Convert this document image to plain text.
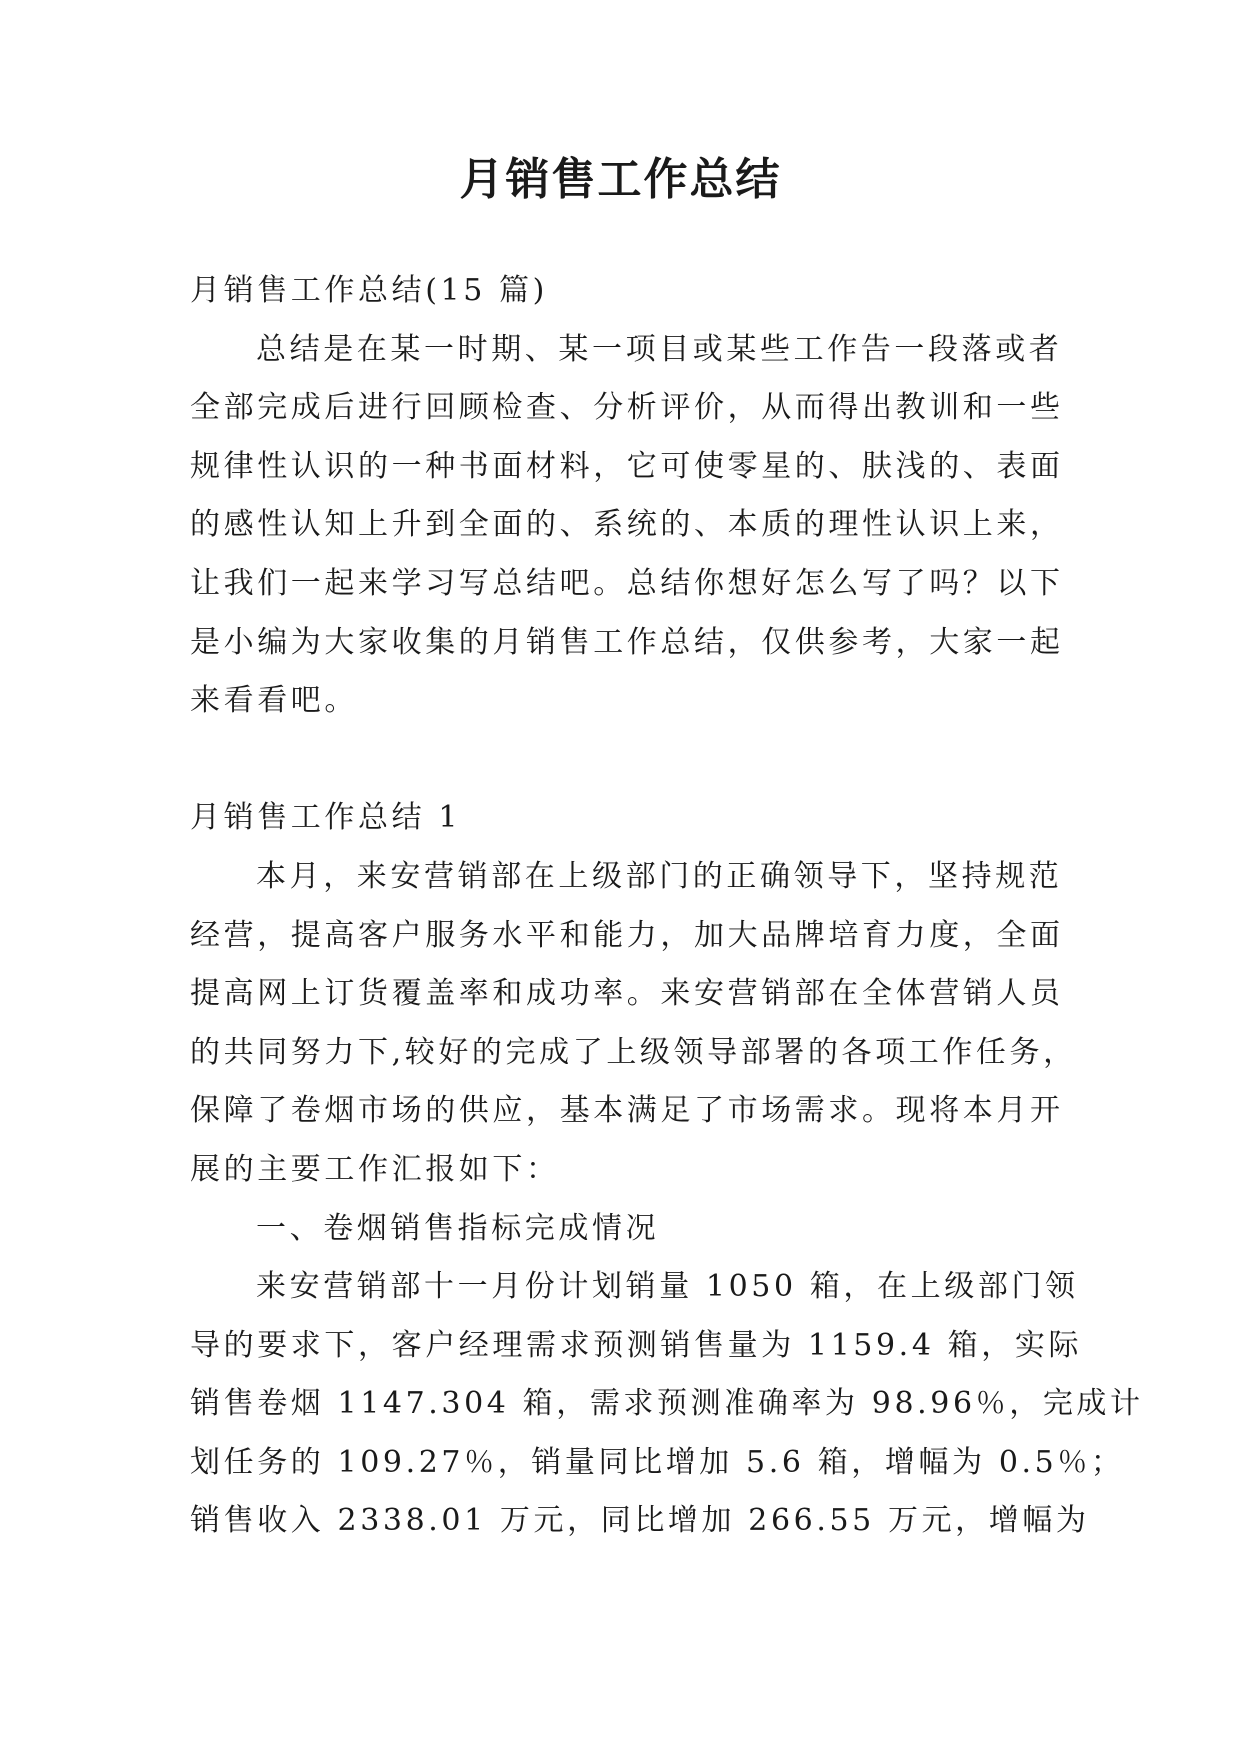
月销售工作总结

月销售工作总结(15 篇)

总结是在某一时期、某一项目或某些工作告一段落或者

全部完成后进行回顾检查、分析评价，从而得出教训和一些

规律性认识的一种书面材料，它可使零星的、肤浅的、表面

的感性认知上升到全面的、系统的、本质的理性认识上来，

让我们一起来学习写总结吧。总结你想好怎么写了吗？以下

是小编为大家收集的月销售工作总结，仅供参考，大家一起

来看看吧。

月销售工作总结 1

本月，来安营销部在上级部门的正确领导下，坚持规范

经营，提高客户服务水平和能力，加大品牌培育力度，全面

提高网上订货覆盖率和成功率。来安营销部在全体营销人员

的共同努力下,较好的完成了上级领导部署的各项工作任务，

保障了卷烟市场的供应，基本满足了市场需求。现将本月开

展的主要工作汇报如下：

一、卷烟销售指标完成情况

来安营销部十一月份计划销量 1050 箱，在上级部门领

导的要求下，客户经理需求预测销售量为 1159.4 箱，实际

销售卷烟 1147.304 箱，需求预测准确率为 98.96％，完成计

划任务的 109.27％，销量同比增加 5.6 箱，增幅为 0.5％；

销售收入 2338.01 万元，同比增加 266.55 万元，增幅为
